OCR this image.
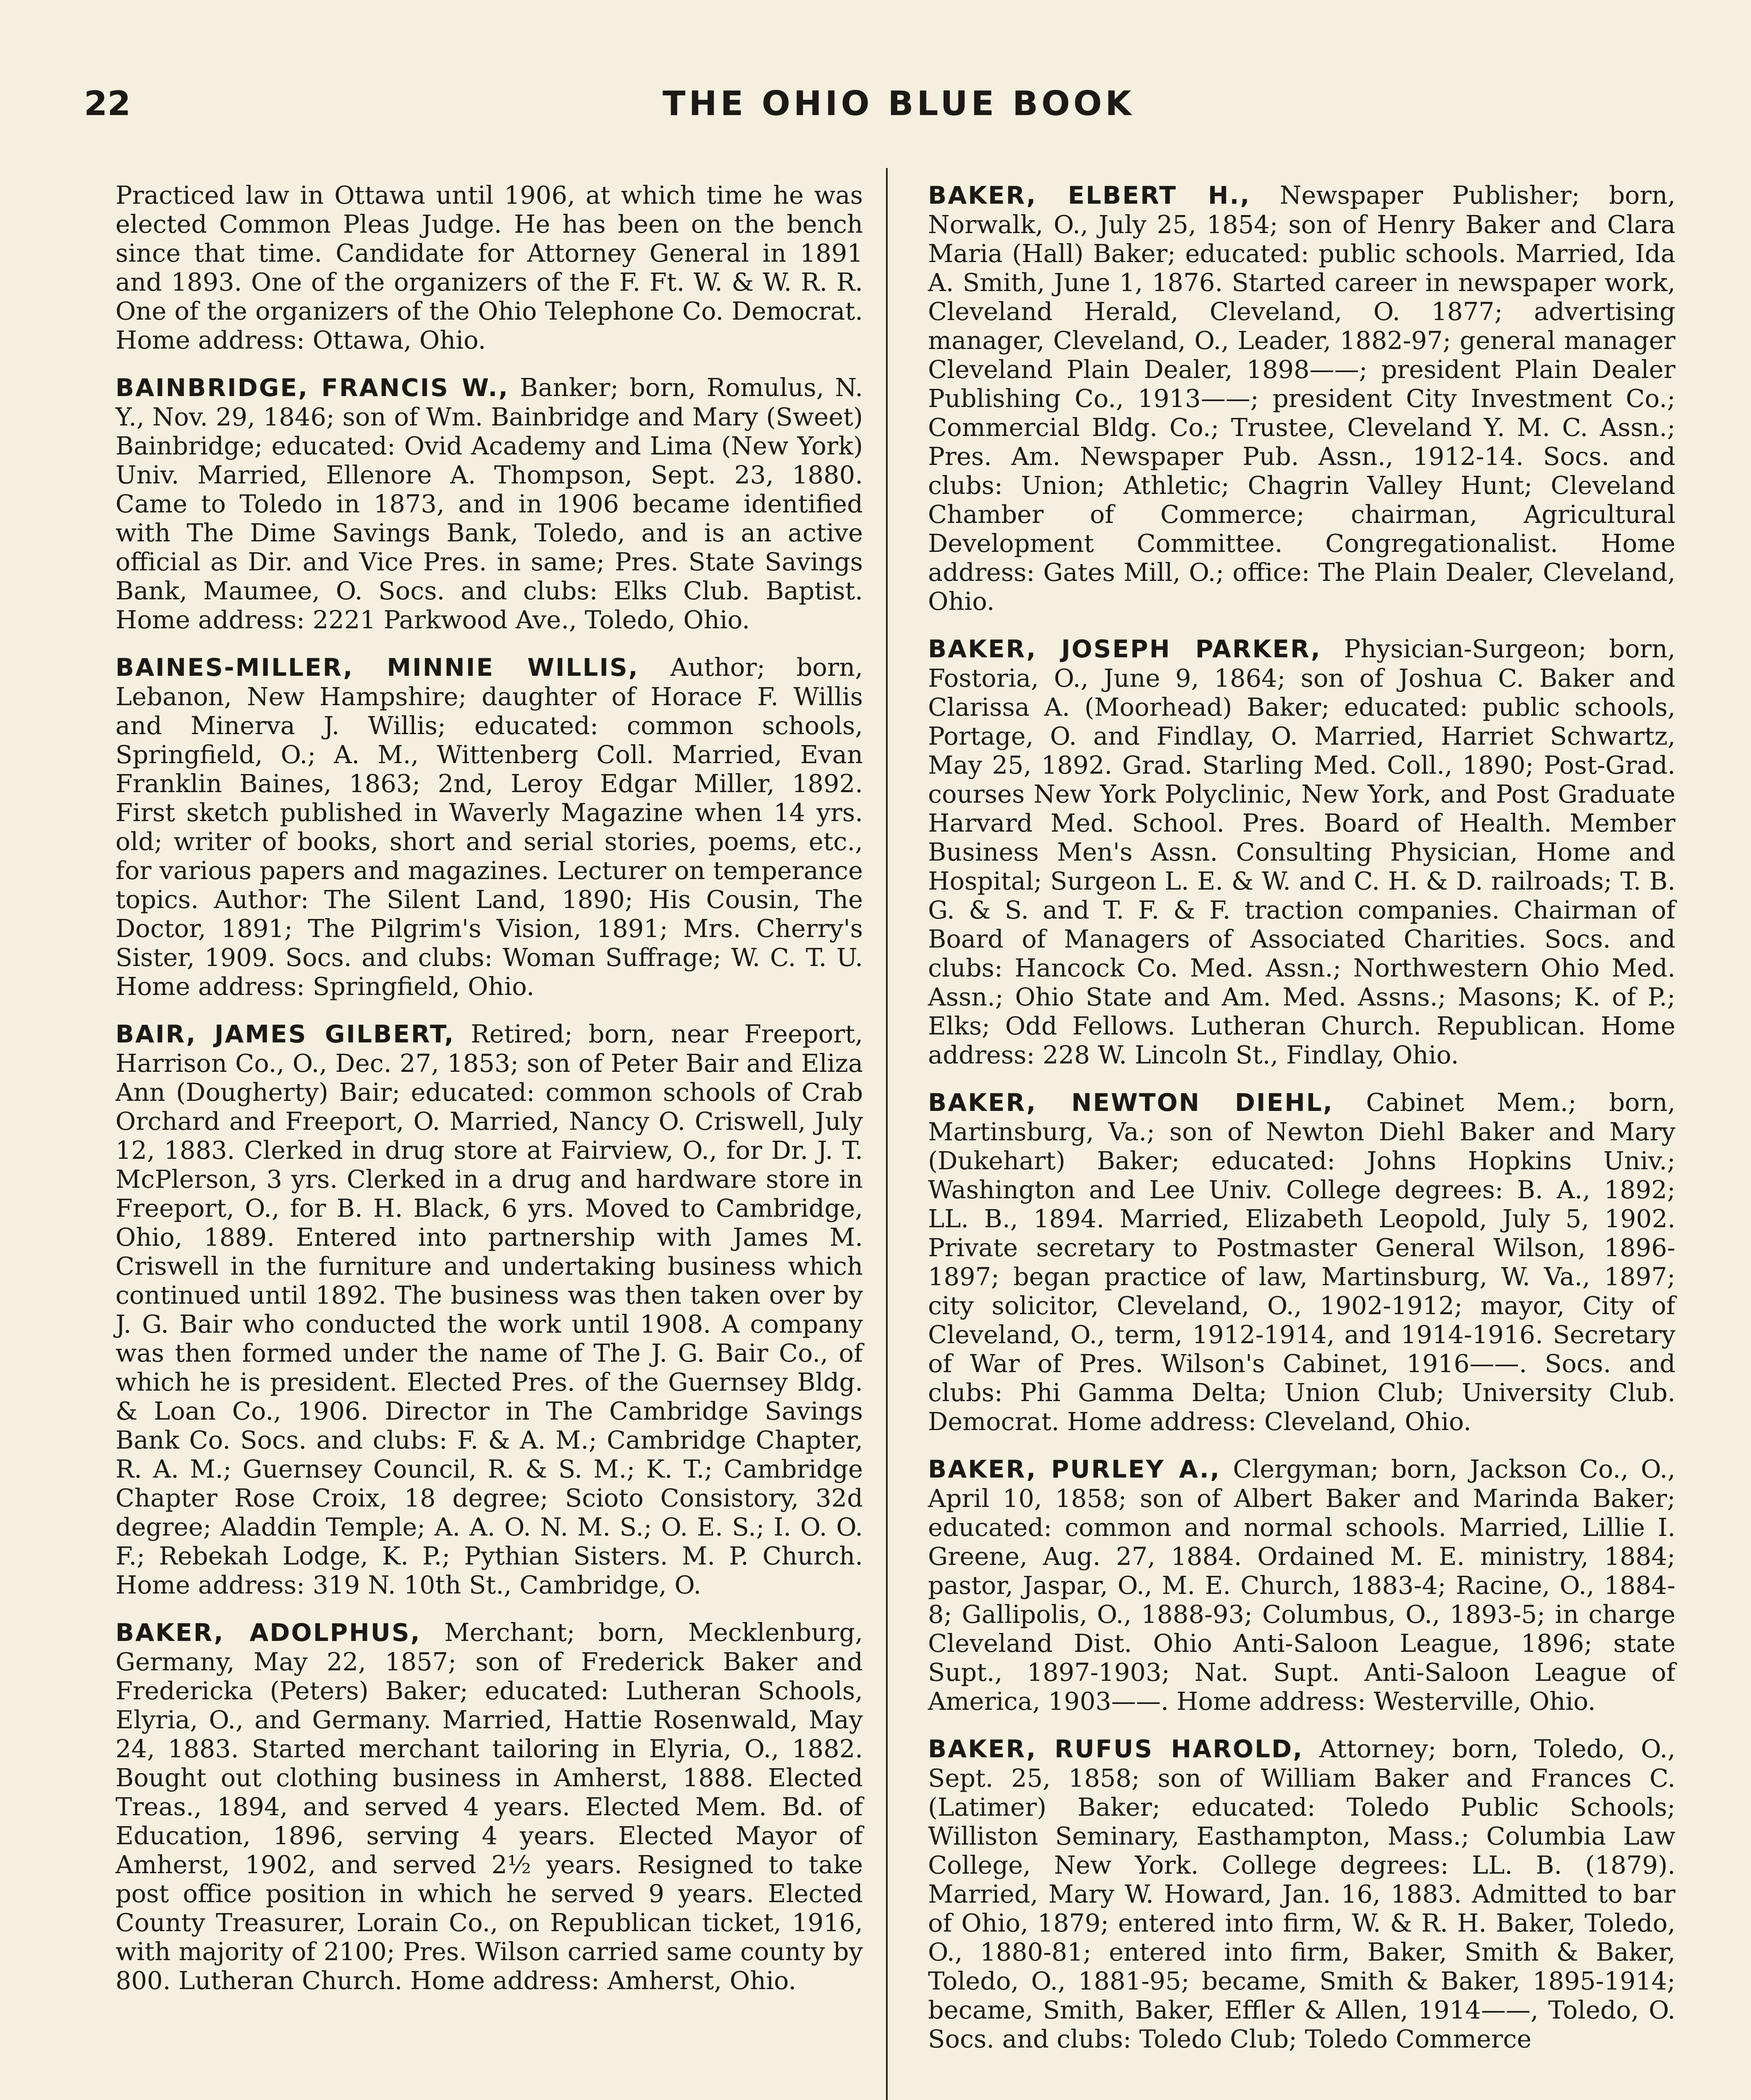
22	THE OHIO BLUE BOOK

Practiced law in Ottawa until 1906, at which time he was elected Common Pleas Judge. He has been on the bench since that time. Candidate for Attorney General in 1891 and 1893. One of the organizers of the F. Ft. W. & W. R. R. One of the organizers of the Ohio Telephone Co. Democrat. Home address: Ottawa, Ohio.

BAINBRIDGE, FRANCIS W., Banker; born, Romulus, N. Y., Nov. 29, 1846; son of Wm. Bainbridge and Mary (Sweet) Bainbridge; educated: Ovid Academy and Lima (New York) Univ. Married, Ellenore A. Thompson, Sept. 23, 1880. Came to Toledo in 1873, and in 1906 became identified with The Dime Savings Bank, Toledo, and is an active official as Dir. and Vice Pres. in same; Pres. State Savings Bank, Maumee, O. Socs. and clubs: Elks Club. Baptist. Home address: 2221 Parkwood Ave., Toledo, Ohio.

BAINES-MILLER, MINNIE WILLIS, Author; born, Lebanon, New Hampshire; daughter of Horace F. Willis and Minerva J. Willis; educated: common schools, Springfield, O.; A. M., Wittenberg Coll. Married, Evan Franklin Baines, 1863; 2nd, Leroy Edgar Miller, 1892. First sketch published in Waverly Magazine when 14 yrs. old; writer of books, short and serial stories, poems, etc., for various papers and magazines. Lecturer on temperance topics. Author: The Silent Land, 1890; His Cousin, The Doctor, 1891; The Pilgrim's Vision, 1891; Mrs. Cherry's Sister, 1909. Socs. and clubs: Woman Suffrage; W. C. T. U. Home address: Springfield, Ohio.

BAIR, JAMES GILBERT, Retired; born, near Freeport, Harrison Co., O., Dec. 27, 1853; son of Peter Bair and Eliza Ann (Dougherty) Bair; educated: common schools of Crab Orchard and Freeport, O. Married, Nancy O. Criswell, July 12, 1883. Clerked in drug store at Fairview, O., for Dr. J. T. McPlerson, 3 yrs. Clerked in a drug and hardware store in Freeport, O., for B. H. Black, 6 yrs. Moved to Cambridge, Ohio, 1889. Entered into partnership with James M. Criswell in the furniture and undertaking business which continued until 1892. The business was then taken over by J. G. Bair who conducted the work until 1908. A company was then formed under the name of The J. G. Bair Co., of which he is president. Elected Pres. of the Guernsey Bldg. & Loan Co., 1906. Director in The Cambridge Savings Bank Co. Socs. and clubs: F. & A. M.; Cambridge Chapter, R. A. M.; Guernsey Council, R. & S. M.; K. T.; Cambridge Chapter Rose Croix, 18 degree; Scioto Consistory, 32d degree; Aladdin Temple; A. A. O. N. M. S.; O. E. S.; I. O. O. F.; Rebekah Lodge, K. P.; Pythian Sisters. M. P. Church. Home address: 319 N. 10th St., Cambridge, O.

BAKER, ADOLPHUS, Merchant; born, Mecklenburg, Germany, May 22, 1857; son of Frederick Baker and Fredericka (Peters) Baker; educated: Lutheran Schools, Elyria, O., and Germany. Married, Hattie Rosenwald, May 24, 1883. Started merchant tailoring in Elyria, O., 1882. Bought out clothing business in Amherst, 1888. Elected Treas., 1894, and served 4 years. Elected Mem. Bd. of Education, 1896, serving 4 years. Elected Mayor of Amherst, 1902, and served 2½ years. Resigned to take post office position in which he served 9 years. Elected County Treasurer, Lorain Co., on Republican ticket, 1916, with majority of 2100; Pres. Wilson carried same county by 800. Lutheran Church. Home address: Amherst, Ohio.

BAKER, ELBERT H., Newspaper Publisher; born, Norwalk, O., July 25, 1854; son of Henry Baker and Clara Maria (Hall) Baker; educated: public schools. Married, Ida A. Smith, June 1, 1876. Started career in newspaper work, Cleveland Herald, Cleveland, O. 1877; advertising manager, Cleveland, O., Leader, 1882-97; general manager Cleveland Plain Dealer, 1898——; president Plain Dealer Publishing Co., 1913——; president City Investment Co.; Commercial Bldg. Co.; Trustee, Cleveland Y. M. C. Assn.; Pres. Am. Newspaper Pub. Assn., 1912-14. Socs. and clubs: Union; Athletic; Chagrin Valley Hunt; Cleveland Chamber of Commerce; chairman, Agricultural Development Committee. Congregationalist. Home address: Gates Mill, O.; office: The Plain Dealer, Cleveland, Ohio.

BAKER, JOSEPH PARKER, Physician-Surgeon; born, Fostoria, O., June 9, 1864; son of Joshua C. Baker and Clarissa A. (Moorhead) Baker; educated: public schools, Portage, O. and Findlay, O. Married, Harriet Schwartz, May 25, 1892. Grad. Starling Med. Coll., 1890; Post-Grad. courses New York Polyclinic, New York, and Post Graduate Harvard Med. School. Pres. Board of Health. Member Business Men's Assn. Consulting Physician, Home and Hospital; Surgeon L. E. & W. and C. H. & D. railroads; T. B. G. & S. and T. F. & F. traction companies. Chairman of Board of Managers of Associated Charities. Socs. and clubs: Hancock Co. Med. Assn.; Northwestern Ohio Med. Assn.; Ohio State and Am. Med. Assns.; Masons; K. of P.; Elks; Odd Fellows. Lutheran Church. Republican. Home address: 228 W. Lincoln St., Findlay, Ohio.

BAKER, NEWTON DIEHL, Cabinet Mem.; born, Martinsburg, Va.; son of Newton Diehl Baker and Mary (Dukehart) Baker; educated: Johns Hopkins Univ.; Washington and Lee Univ. College degrees: B. A., 1892; LL. B., 1894. Married, Elizabeth Leopold, July 5, 1902. Private secretary to Postmaster General Wilson, 1896-1897; began practice of law, Martinsburg, W. Va., 1897; city solicitor, Cleveland, O., 1902-1912; mayor, City of Cleveland, O., term, 1912-1914, and 1914-1916. Secretary of War of Pres. Wilson's Cabinet, 1916——. Socs. and clubs: Phi Gamma Delta; Union Club; University Club. Democrat. Home address: Cleveland, Ohio.

BAKER, PURLEY A., Clergyman; born, Jackson Co., O., April 10, 1858; son of Albert Baker and Marinda Baker; educated: common and normal schools. Married, Lillie I. Greene, Aug. 27, 1884. Ordained M. E. ministry, 1884; pastor, Jaspar, O., M. E. Church, 1883-4; Racine, O., 1884-8; Gallipolis, O., 1888-93; Columbus, O., 1893-5; in charge Cleveland Dist. Ohio Anti-Saloon League, 1896; state Supt., 1897-1903; Nat. Supt. Anti-Saloon League of America, 1903——. Home address: Westerville, Ohio.

BAKER, RUFUS HAROLD, Attorney; born, Toledo, O., Sept. 25, 1858; son of William Baker and Frances C. (Latimer) Baker; educated: Toledo Public Schools; Williston Seminary, Easthampton, Mass.; Columbia Law College, New York. College degrees: LL. B. (1879). Married, Mary W. Howard, Jan. 16, 1883. Admitted to bar of Ohio, 1879; entered into firm, W. & R. H. Baker, Toledo, O., 1880-81; entered into firm, Baker, Smith & Baker, Toledo, O., 1881-95; became, Smith & Baker, 1895-1914; became, Smith, Baker, Effler & Allen, 1914——, Toledo, O. Socs. and clubs: Toledo Club; Toledo Commerce
